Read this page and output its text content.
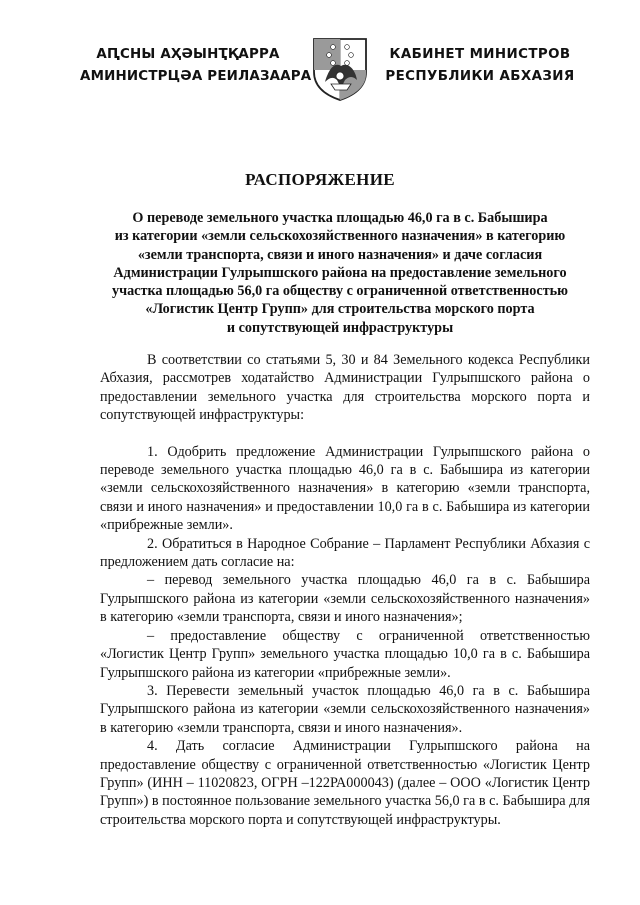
АԤСНЫ АҲӘЫНҬҚАРРА
АМИНИСТРЦӘА РЕИЛАЗААРА
КАБИНЕТ МИНИСТРОВ
РЕСПУБЛИКИ АБХАЗИЯ
РАСПОРЯЖЕНИЕ
О переводе земельного участка площадью 46,0 га в с. Бабышира
из категории «земли сельскохозяйственного назначения» в категорию
«земли транспорта, связи и иного назначения» и даче согласия
Администрации Гулрыпшского района на предоставление земельного
участка площадью 56,0 га обществу с ограниченной ответственностью
«Логистик Центр Групп» для строительства морского порта
и сопутствующей инфраструктуры

В соответствии со статьями 5, 30 и 84 Земельного кодекса Республики Абхазия, рассмотрев ходатайство Администрации Гулрыпшского района о предоставлении земельного участка для строительства морского порта и сопутствующей инфраструктуры:

1. Одобрить предложение Администрации Гулрыпшского района о переводе земельного участка площадью 46,0 га в с. Бабышира из категории «земли сельскохозяйственного назначения» в категорию «земли транспорта, связи и иного назначения» и предоставлении 10,0 га в с. Бабышира из категории «прибрежные земли».

2. Обратиться в Народное Собрание – Парламент Республики Абхазия с предложением дать согласие на:

– перевод земельного участка площадью 46,0 га в с. Бабышира Гулрыпшского района из категории «земли сельскохозяйственного назначения» в категорию «земли транспорта, связи и иного назначения»;

– предоставление обществу с ограниченной ответственностью «Логистик Центр Групп» земельного участка площадью 10,0 га в с. Бабышира Гулрыпшского района из категории «прибрежные земли».

3. Перевести земельный участок площадью 46,0 га в с. Бабышира Гулрыпшского района из категории «земли сельскохозяйственного назначения» в категорию «земли транспорта, связи и иного назначения».

4. Дать согласие Администрации Гулрыпшского района на предоставление обществу с ограниченной ответственностью «Логистик Центр Групп» (ИНН – 11020823, ОГРН –122РА000043) (далее – ООО «Логистик Центр Групп») в постоянное пользование земельного участка 56,0 га в с. Бабышира для строительства морского порта и сопутствующей инфраструктуры.
